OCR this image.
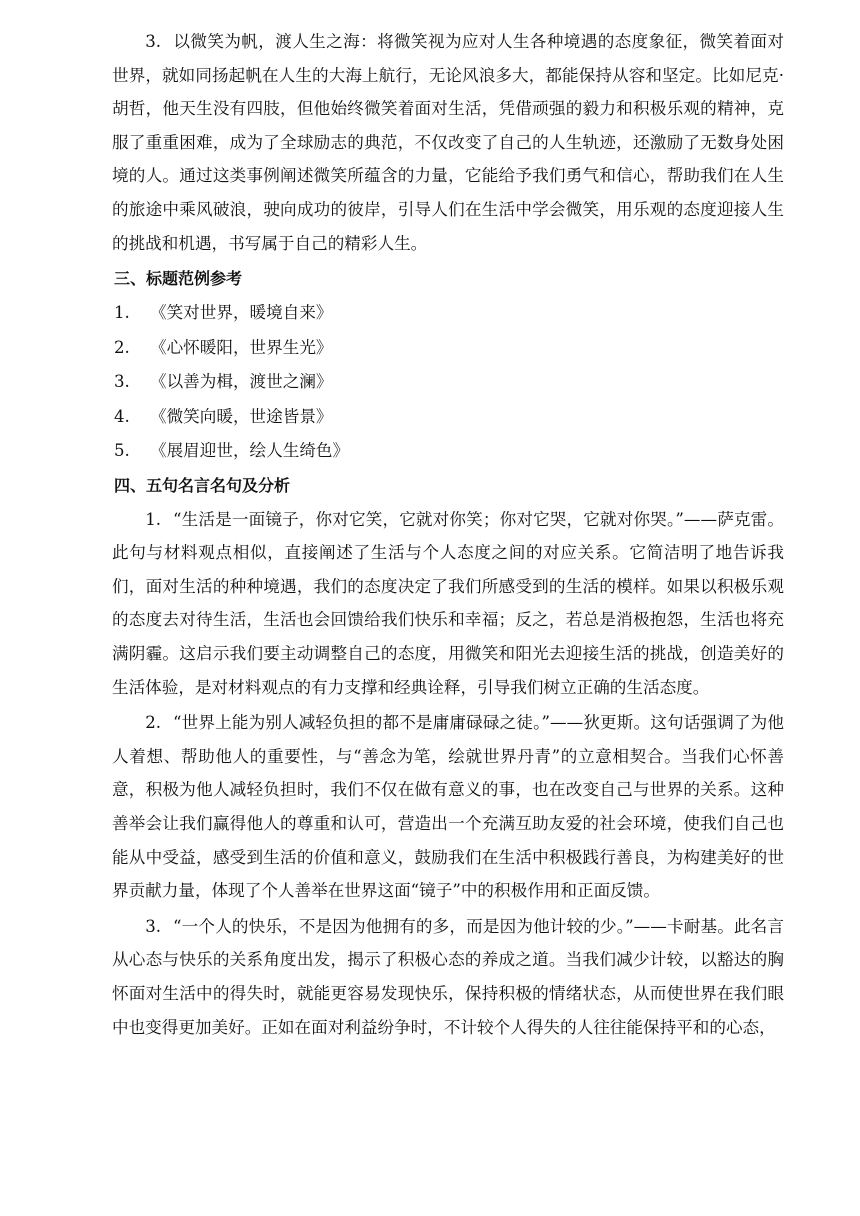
3. 以微笑为帆，渡人生之海：将微笑视为应对人生各种境遇的态度象征，微笑着面对世界，就如同扬起帆在人生的大海上航行，无论风浪多大，都能保持从容和坚定。比如尼克·胡哲，他天生没有四肢，但他始终微笑着面对生活，凭借顽强的毅力和积极乐观的精神，克服了重重困难，成为了全球励志的典范，不仅改变了自己的人生轨迹，还激励了无数身处困境的人。通过这类事例阐述微笑所蕴含的力量，它能给予我们勇气和信心，帮助我们在人生的旅途中乘风破浪，驶向成功的彼岸，引导人们在生活中学会微笑，用乐观的态度迎接人生的挑战和机遇，书写属于自己的精彩人生。

三、标题范例参考

1. 《笑对世界，暖境自来》

2. 《心怀暖阳，世界生光》

3. 《以善为楫，渡世之澜》

4. 《微笑向暖，世途皆景》

5. 《展眉迎世，绘人生绮色》

四、五句名言名句及分析

1. “生活是一面镜子，你对它笑，它就对你笑；你对它哭，它就对你哭。”——萨克雷。此句与材料观点相似，直接阐述了生活与个人态度之间的对应关系。它简洁明了地告诉我们，面对生活的种种境遇，我们的态度决定了我们所感受到的生活的模样。如果以积极乐观的态度去对待生活，生活也会回馈给我们快乐和幸福；反之，若总是消极抱怨，生活也将充满阴霾。这启示我们要主动调整自己的态度，用微笑和阳光去迎接生活的挑战，创造美好的生活体验，是对材料观点的有力支撑和经典诠释，引导我们树立正确的生活态度。

2. “世界上能为别人减轻负担的都不是庸庸碌碌之徒。”——狄更斯。这句话强调了为他人着想、帮助他人的重要性，与“善念为笔，绘就世界丹青”的立意相契合。当我们心怀善意，积极为他人减轻负担时，我们不仅在做有意义的事，也在改变自己与世界的关系。这种善举会让我们赢得他人的尊重和认可，营造出一个充满互助友爱的社会环境，使我们自己也能从中受益，感受到生活的价值和意义，鼓励我们在生活中积极践行善良，为构建美好的世界贡献力量，体现了个人善举在世界这面“镜子”中的积极作用和正面反馈。

3. “一个人的快乐，不是因为他拥有的多，而是因为他计较的少。”——卡耐基。此名言从心态与快乐的关系角度出发，揭示了积极心态的养成之道。当我们减少计较，以豁达的胸怀面对生活中的得失时，就能更容易发现快乐，保持积极的情绪状态，从而使世界在我们眼中也变得更加美好。正如在面对利益纷争时，不计较个人得失的人往往能保持平和的心态，
